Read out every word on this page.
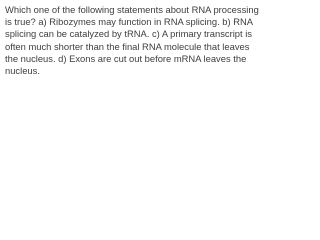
Which one of the following statements about RNA processing is true? a) Ribozymes may function in RNA splicing. b) RNA splicing can be catalyzed by tRNA. c) A primary transcript is often much shorter than the final RNA molecule that leaves the nucleus. d) Exons are cut out before mRNA leaves the nucleus.
